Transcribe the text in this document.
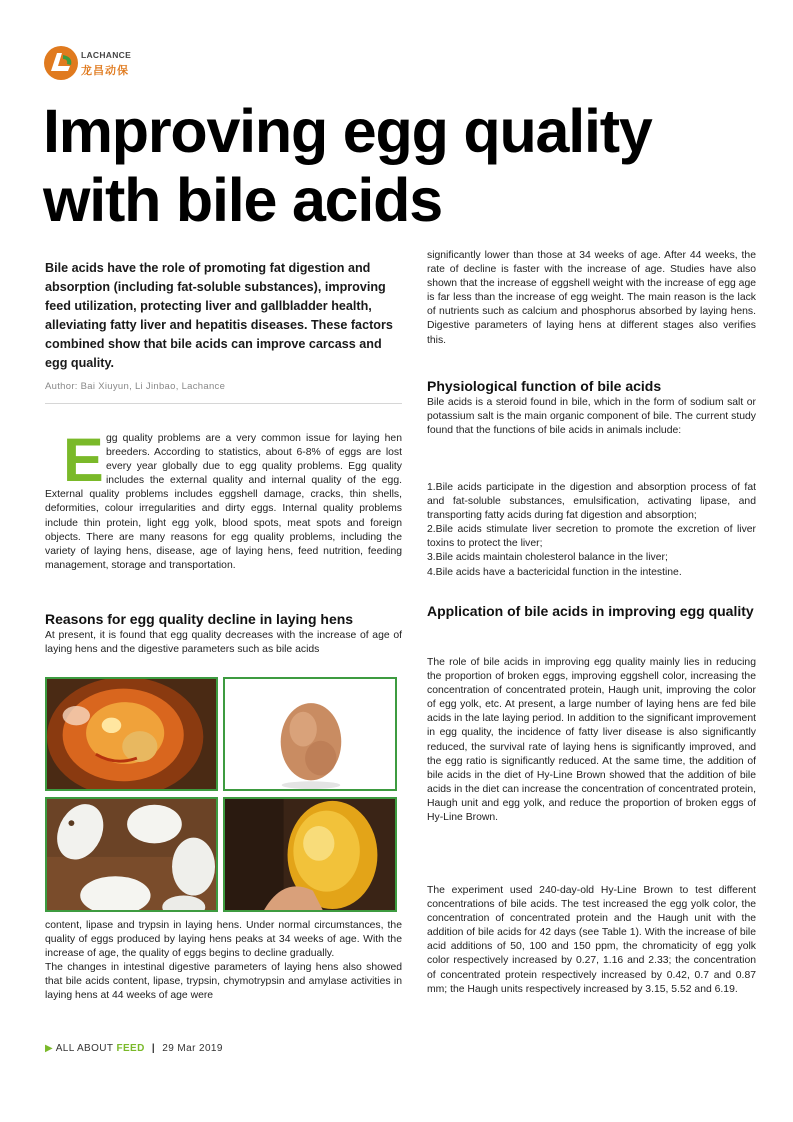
LACHANCE
龙昌动保
Improving egg quality with bile acids

Bile acids have the role of promoting fat digestion and absorption (including fat-soluble substances), improving feed utilization, protecting liver and gallbladder health, alleviating fatty liver and hepatitis diseases. These factors combined show that bile acids can improve carcass and egg quality.

Author: Bai Xiuyun, Li Jinbao, Lachance
E gg quality problems are a very common issue for laying hen breeders. According to statistics, about 6-8% of eggs are lost every year globally due to egg quality problems. Egg quality includes the external quality and internal quality of the egg. External quality problems includes eggshell damage, cracks, thin shells, deformities, colour irregularities and dirty eggs. Internal quality problems include thin protein, light egg yolk, blood spots, meat spots and foreign objects. There are many reasons for egg quality problems, including the variety of laying hens, disease, age of laying hens, feed nutrition, feeding management, storage and transportation.

Reasons for egg quality decline in laying hens

At present, it is found that egg quality decreases with the increase of age of laying hens and the digestive parameters such as bile acids

content, lipase and trypsin in laying hens. Under normal circumstances, the quality of eggs produced by laying hens peaks at 34 weeks of age. With the increase of age, the quality of eggs begins to decline gradually.

The changes in intestinal digestive parameters of laying hens also showed that bile acids content, lipase, trypsin, chymotrypsin and amylase activities in laying hens at 44 weeks of age were

▶ ALL ABOUT FEED | 29 Mar 2019

significantly lower than those at 34 weeks of age. After 44 weeks, the rate of decline is faster with the increase of age. Studies have also shown that the increase of eggshell weight with the increase of egg age is far less than the increase of egg weight. The main reason is the lack of nutrients such as calcium and phosphorus absorbed by laying hens. Digestive parameters of laying hens at different stages also verifies this.

Physiological function of bile acids

Bile acids is a steroid found in bile, which in the form of sodium salt or potassium salt is the main organic component of bile. The current study found that the functions of bile acids in animals include:

1.Bile acids participate in the digestion and absorption process of fat and fat-soluble substances, emulsification, activating lipase, and transporting fatty acids during fat digestion and absorption;

2.Bile acids stimulate liver secretion to promote the excretion of liver toxins to protect the liver;

3.Bile acids maintain cholesterol balance in the liver;

4.Bile acids have a bactericidal function in the intestine.

Application of bile acids in improving egg quality

The role of bile acids in improving egg quality mainly lies in reducing the proportion of broken eggs, improving eggshell color, increasing the concentration of concentrated protein, Haugh unit, improving the color of egg yolk, etc. At present, a large number of laying hens are fed bile acids in the late laying period. In addition to the significant improvement in egg quality, the incidence of fatty liver disease is also significantly reduced, the survival rate of laying hens is significantly improved, and the egg ratio is significantly reduced. At the same time, the addition of bile acids in the diet of Hy-Line Brown showed that the addition of bile acids in the diet can increase the concentration of concentrated protein, Haugh unit and egg yolk, and reduce the proportion of broken eggs of Hy-Line Brown.

The experiment used 240-day-old Hy-Line Brown to test different concentrations of bile acids. The test increased the egg yolk color, the concentration of concentrated protein and the Haugh unit with the addition of bile acids for 42 days (see Table 1). With the increase of bile acid additions of 50, 100 and 150 ppm, the chromaticity of egg yolk color respectively increased by 0.27, 1.16 and 2.33; the concentration of concentrated protein respectively increased by 0.42, 0.7 and 0.87 mm; the Haugh units respectively increased by 3.15, 5.52 and 6.19.
